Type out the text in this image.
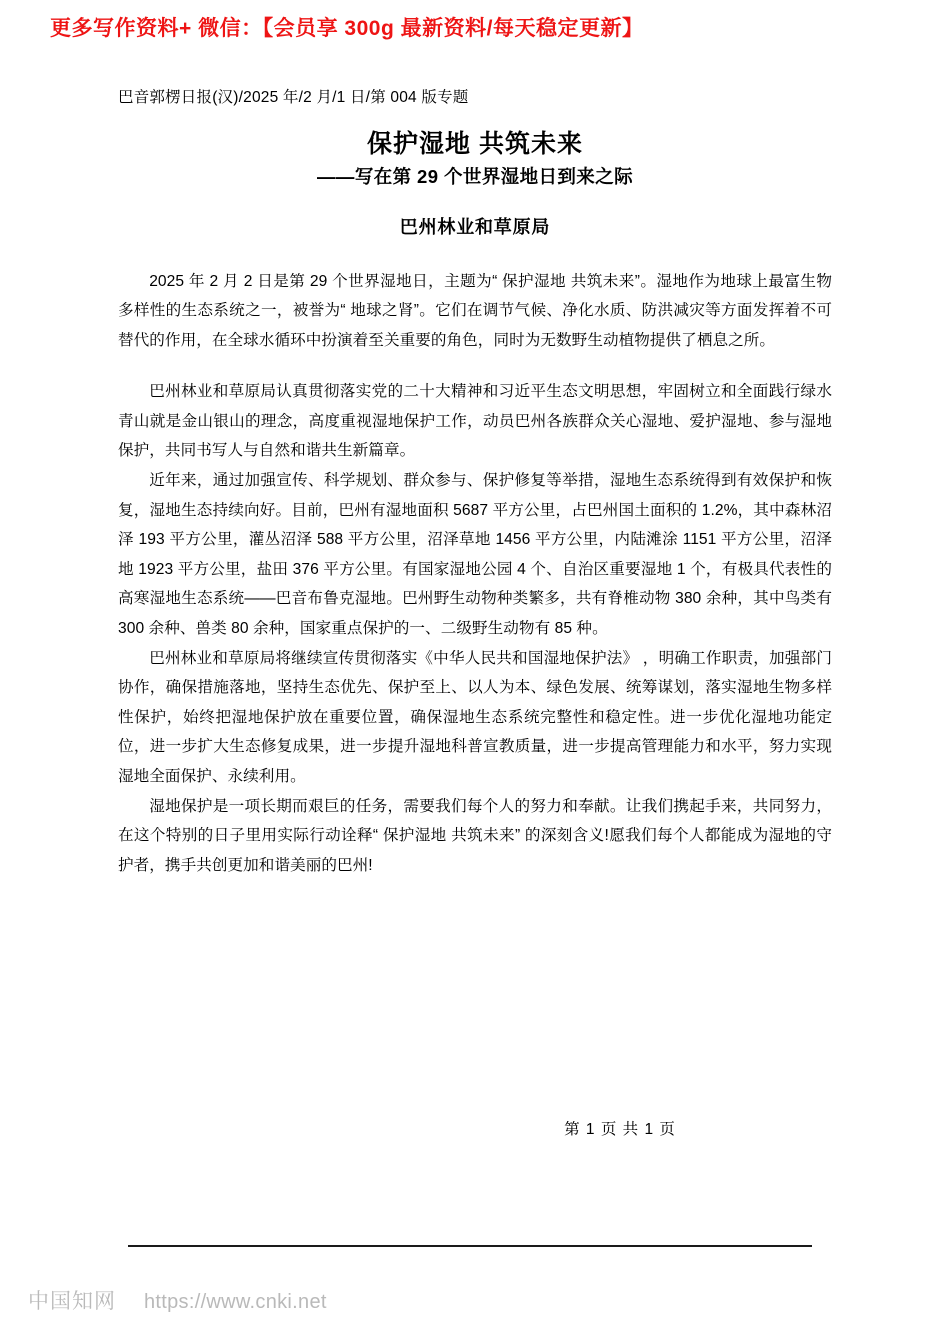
更多写作资料+ 微信：【会员享 300g 最新资料/每天稳定更新】
巴音郭楞日报(汉)/2025 年/2 月/1 日/第 004 版专题
保护湿地 共筑未来
——写在第 29 个世界湿地日到来之际
巴州林业和草原局

2025 年 2 月 2 日是第 29 个世界湿地日，主题为“ 保护湿地 共筑未来”。湿地作为地球上最富生物多样性的生态系统之一，被誉为“ 地球之肾”。它们在调节气候、净化水质、防洪减灾等方面发挥着不可替代的作用，在全球水循环中扮演着至关重要的角色，同时为无数野生动植物提供了栖息之所。

巴州林业和草原局认真贯彻落实党的二十大精神和习近平生态文明思想，牢固树立和全面践行绿水青山就是金山银山的理念，高度重视湿地保护工作，动员巴州各族群众关心湿地、爱护湿地、参与湿地保护，共同书写人与自然和谐共生新篇章。

近年来，通过加强宣传、科学规划、群众参与、保护修复等举措，湿地生态系统得到有效保护和恢复，湿地生态持续向好。目前，巴州有湿地面积 5687 平方公里，占巴州国土面积的 1.2%，其中森林沼泽 193 平方公里，灌丛沼泽 588 平方公里，沼泽草地 1456 平方公里，内陆滩涂 1151 平方公里，沼泽地 1923 平方公里，盐田 376 平方公里。有国家湿地公园 4 个、自治区重要湿地 1 个，有极具代表性的高寒湿地生态系统——巴音布鲁克湿地。巴州野生动物种类繁多，共有脊椎动物 380 余种，其中鸟类有 300 余种、兽类 80 余种，国家重点保护的一、二级野生动物有 85 种。

巴州林业和草原局将继续宣传贯彻落实《中华人民共和国湿地保护法》 ，明确工作职责，加强部门协作，确保措施落地，坚持生态优先、保护至上、以人为本、绿色发展、统筹谋划，落实湿地生物多样性保护，始终把湿地保护放在重要位置，确保湿地生态系统完整性和稳定性。进一步优化湿地功能定位，进一步扩大生态修复成果，进一步提升湿地科普宣教质量，进一步提高管理能力和水平，努力实现湿地全面保护、永续利用。

湿地保护是一项长期而艰巨的任务，需要我们每个人的努力和奉献。让我们携起手来，共同努力，在这个特别的日子里用实际行动诠释“ 保护湿地 共筑未来” 的深刻含义!愿我们每个人都能成为湿地的守护者，携手共创更加和谐美丽的巴州!

第 1 页 共 1 页
中国知网 https://www.cnki.net
